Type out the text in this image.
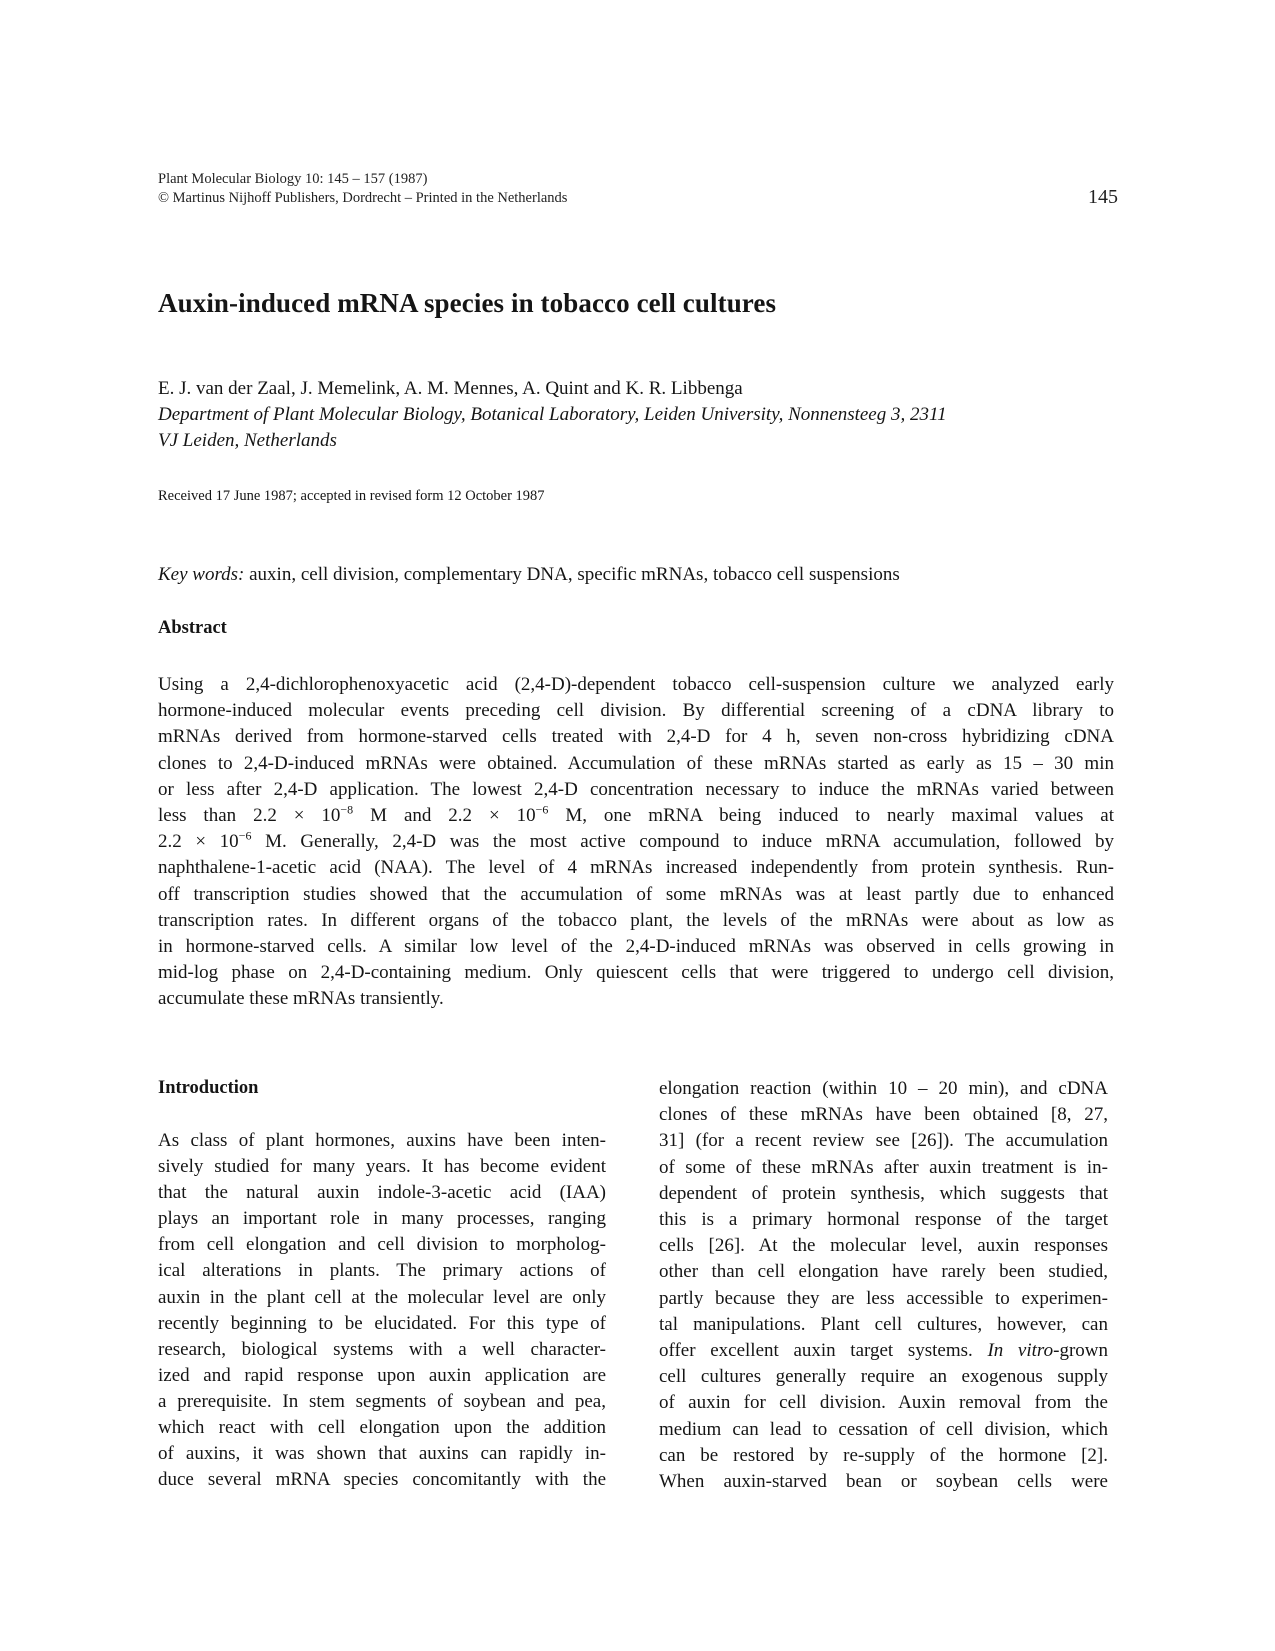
Plant Molecular Biology 10: 145 – 157 (1987)
© Martinus Nijhoff Publishers, Dordrecht – Printed in the Netherlands	145
Auxin-induced mRNA species in tobacco cell cultures
E. J. van der Zaal, J. Memelink, A. M. Mennes, A. Quint and K. R. Libbenga
Department of Plant Molecular Biology, Botanical Laboratory, Leiden University, Nonnensteeg 3, 2311
VJ Leiden, Netherlands
Received 17 June 1987; accepted in revised form 12 October 1987
Key words: auxin, cell division, complementary DNA, specific mRNAs, tobacco cell suspensions
Abstract
Using a 2,4-dichlorophenoxyacetic acid (2,4-D)-dependent tobacco cell-suspension culture we analyzed early
hormone-induced molecular events preceding cell division. By differential screening of a cDNA library to
mRNAs derived from hormone-starved cells treated with 2,4-D for 4 h, seven non-cross hybridizing cDNA
clones to 2,4-D-induced mRNAs were obtained. Accumulation of these mRNAs started as early as 15 – 30 min
or less after 2,4-D application. The lowest 2,4-D concentration necessary to induce the mRNAs varied between
less than $2.2 \times 10^{-8}$ M and $2.2 \times 10^{-6}$ M, one mRNA being induced to nearly maximal values at
$2.2 \times 10^{-6}$ M. Generally, 2,4-D was the most active compound to induce mRNA accumulation, followed by
naphthalene-1-acetic acid (NAA). The level of 4 mRNAs increased independently from protein synthesis. Run-
off transcription studies showed that the accumulation of some mRNAs was at least partly due to enhanced
transcription rates. In different organs of the tobacco plant, the levels of the mRNAs were about as low as
in hormone-starved cells. A similar low level of the 2,4-D-induced mRNAs was observed in cells growing in
mid-log phase on 2,4-D-containing medium. Only quiescent cells that were triggered to undergo cell division,
accumulate these mRNAs transiently.
Introduction
As class of plant hormones, auxins have been inten-
sively studied for many years. It has become evident
that the natural auxin indole-3-acetic acid (IAA)
plays an important role in many processes, ranging
from cell elongation and cell division to morpholog-
ical alterations in plants. The primary actions of
auxin in the plant cell at the molecular level are only
recently beginning to be elucidated. For this type of
research, biological systems with a well character-
ized and rapid response upon auxin application are
a prerequisite. In stem segments of soybean and pea,
which react with cell elongation upon the addition
of auxins, it was shown that auxins can rapidly in-
duce several mRNA species concomitantly with the
elongation reaction (within 10 – 20 min), and cDNA
clones of these mRNAs have been obtained [8, 27,
31] (for a recent review see [26]). The accumulation
of some of these mRNAs after auxin treatment is in-
dependent of protein synthesis, which suggests that
this is a primary hormonal response of the target
cells [26]. At the molecular level, auxin responses
other than cell elongation have rarely been studied,
partly because they are less accessible to experimen-
tal manipulations. Plant cell cultures, however, can
offer excellent auxin target systems. In vitro-grown
cell cultures generally require an exogenous supply
of auxin for cell division. Auxin removal from the
medium can lead to cessation of cell division, which
can be restored by re-supply of the hormone [2].
When auxin-starved bean or soybean cells were
